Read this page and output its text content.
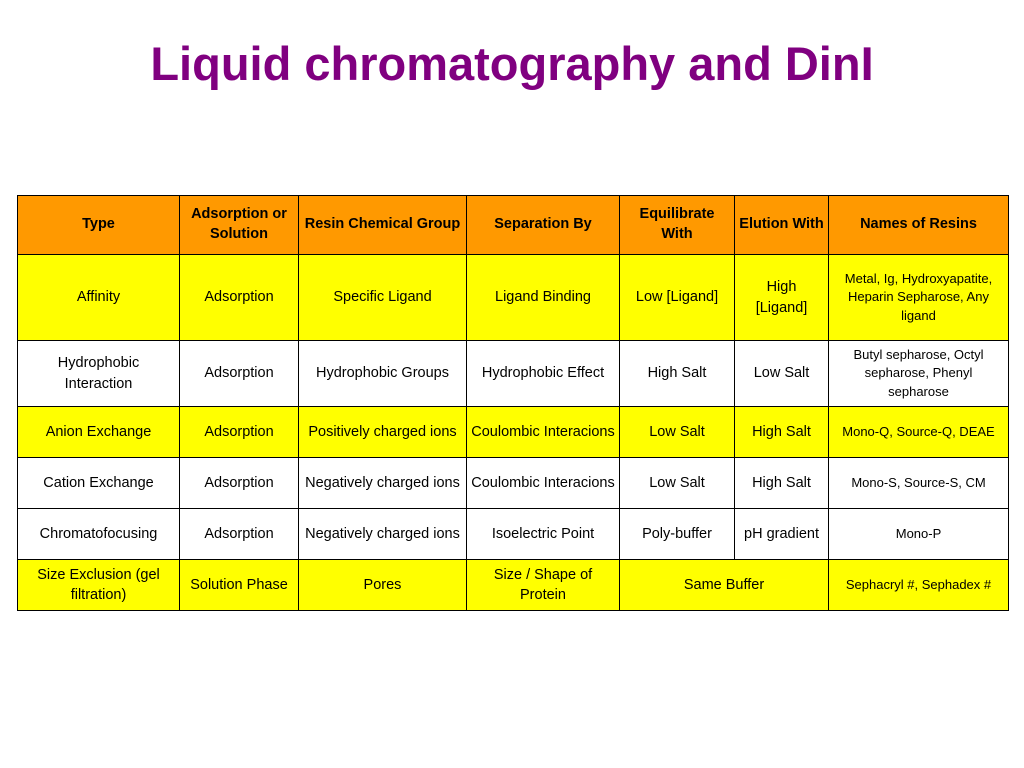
Liquid chromatography and DinI
Type	Adsorption or Solution	Resin Chemical Group	Separation By	Equilibrate With	Elution With	Names of Resins
Affinity	Adsorption	Specific Ligand	Ligand Binding	Low [Ligand]	High [Ligand]	Metal, Ig, Hydroxyapatite, Heparin Sepharose, Any ligand
Hydrophobic Interaction	Adsorption	Hydrophobic Groups	Hydrophobic Effect	High Salt	Low Salt	Butyl sepharose, Octyl sepharose, Phenyl sepharose
Anion Exchange	Adsorption	Positively charged ions	Coulombic Interacions	Low Salt	High Salt	Mono-Q, Source-Q, DEAE
Cation Exchange	Adsorption	Negatively charged ions	Coulombic Interacions	Low Salt	High Salt	Mono-S, Source-S, CM
Chromatofocusing	Adsorption	Negatively charged ions	Isoelectric Point	Poly-buffer	pH gradient	Mono-P
Size Exclusion (gel filtration)	Solution Phase	Pores	Size / Shape of Protein	Same Buffer		Sephacryl #, Sephadex #
